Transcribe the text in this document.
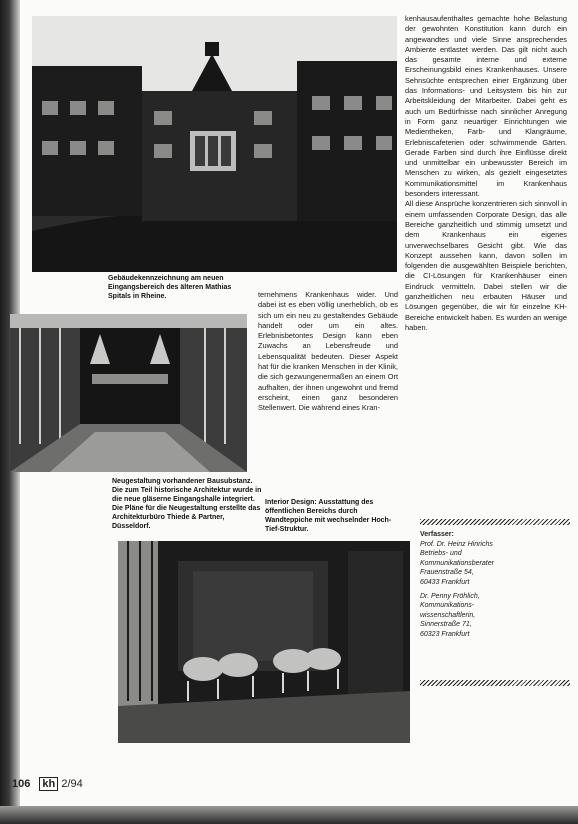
Gebäudekennzeichnung am neuen Eingangsbereich des älteren Mathias Spitals in Rheine.
Neugestaltung vorhandener Bausubstanz. Die zum Teil historische Architektur wurde in die neue gläserne Eingangshalle integriert. Die Pläne für die Neugestaltung erstellte das Architekturbüro Thiede & Partner, Düsseldorf.

ternehmens Krankenhaus wider. Und dabei ist es eben völlig unerheblich, ob es sich um ein neu zu gestaltendes Gebäude handelt oder um ein altes. Erlebnisbetontes Design kann eben Zuwachs an Lebensfreude und Lebensqualität bedeuten. Dieser Aspekt hat für die kranken Menschen in der Klinik, die sich gezwungenermaßen an einem Ort aufhalten, der ihnen ungewohnt und fremd erscheint, einen ganz besonderen Stellenwert. Die während eines Kran-

Interior Design: Ausstattung des öffentlichen Bereichs durch Wandteppiche mit wechselnder Hoch-Tief-Struktur.

kenhausaufenthaltes gemachte hohe Belastung der gewohnten Konstitution kann durch ein angewandtes und viele Sinne ansprechendes Ambiente entlastet werden. Das gilt nicht auch das gesamte interne und externe Erscheinungsbild eines Krankenhauses. Unsere Sehnsüchte entsprechen einer Ergänzung über das Informations- und Leitsystem bis hin zur Arbeitskleidung der Mitarbeiter. Dabei geht es auch um Bedürfnisse nach sinnlicher Anregung in Form ganz neuartiger Einrichtungen wie Medientheken, Farb- und Klangräume, Erlebniscafeterien oder schwimmende Gärten. Gerade Farben sind durch ihre Einflüsse direkt und unmittelbar ein unbewusster Bereich im Menschen zu wirken, als gezielt eingesetztes Kommunikationsmittel im Krankenhaus besonders interessant.

All diese Ansprüche konzentrieren sich sinnvoll in einem umfassenden Corporate Design, das alle Bereiche ganzheitlich und stimmig umsetzt und dem Krankenhaus ein eigenes unverwechselbares Gesicht gibt. Wie das Konzept aussehen kann, davon sollen im folgenden die ausgewählten Beispiele berichten, die CI-Lösungen für Krankenhäuser einen Eindruck vermitteln. Dabei stellen wir die ganzheitlichen neu erbauten Häuser und Lösungen gegenüber, die wir für einzelne KH-Bereiche entwickelt haben. Es wurden an wenige haben.

Verfasser:
Prof. Dr. Heinz Hinrichs
Betriebs- und
Kommunikationsberater
Frauenstraße 54,
60433 Frankfurt
Dr. Penny Fröhlich,
Kommunikations-
wissenschaftlerin,
Sinnerstraße 71,
60323 Frankfurt
106 kh 2/94
